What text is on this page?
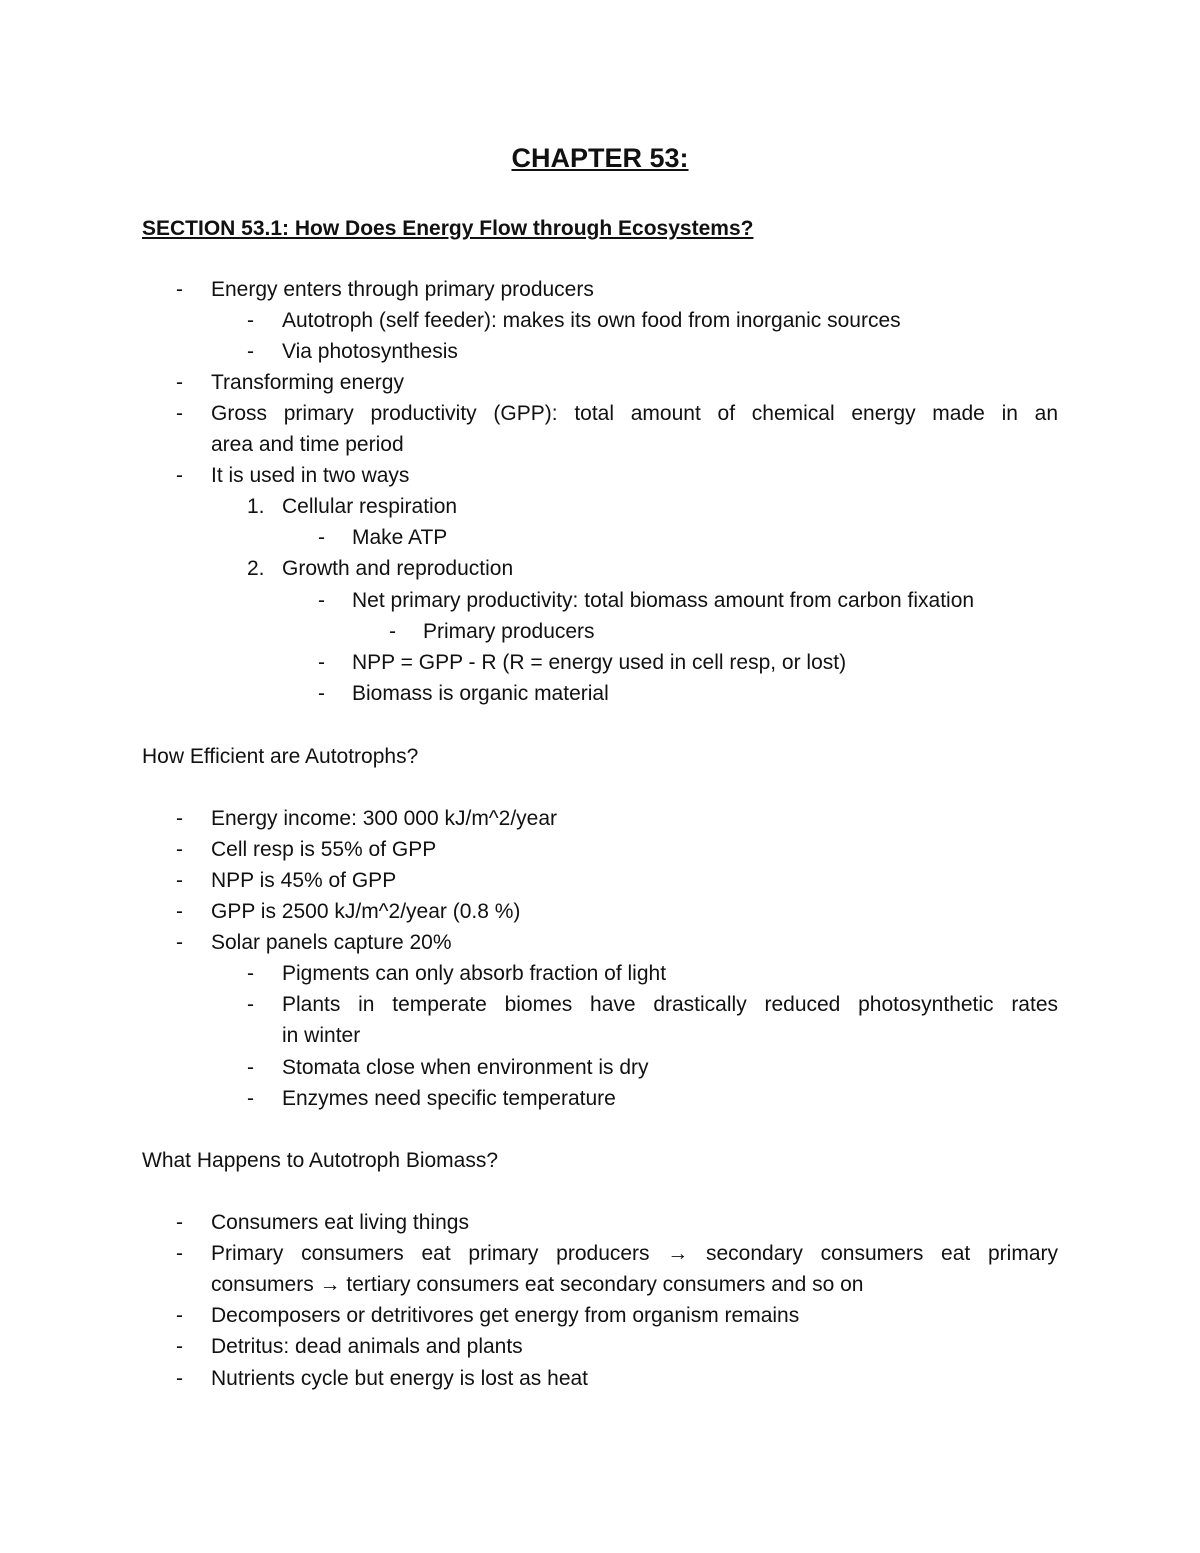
CHAPTER 53:
SECTION 53.1: How Does Energy Flow through Ecosystems?
- Energy enters through primary producers
- Autotroph (self feeder): makes its own food from inorganic sources
- Via photosynthesis
- Transforming energy
- Gross primary productivity (GPP): total amount of chemical energy made in an
area and time period
- It is used in two ways
1. Cellular respiration
- Make ATP
2. Growth and reproduction
- Net primary productivity: total biomass amount from carbon fixation
- Primary producers
- NPP = GPP - R (R = energy used in cell resp, or lost)
- Biomass is organic material
How Efficient are Autotrophs?
- Energy income: 300 000 kJ/m^2/year
- Cell resp is 55% of GPP
- NPP is 45% of GPP
- GPP is 2500 kJ/m^2/year (0.8 %)
- Solar panels capture 20%
- Pigments can only absorb fraction of light
- Plants in temperate biomes have drastically reduced photosynthetic rates
in winter
- Stomata close when environment is dry
- Enzymes need specific temperature
What Happens to Autotroph Biomass?
- Consumers eat living things
- Primary consumers eat primary producers → secondary consumers eat primary
consumers → tertiary consumers eat secondary consumers and so on
- Decomposers or detritivores get energy from organism remains
- Detritus: dead animals and plants
- Nutrients cycle but energy is lost as heat
